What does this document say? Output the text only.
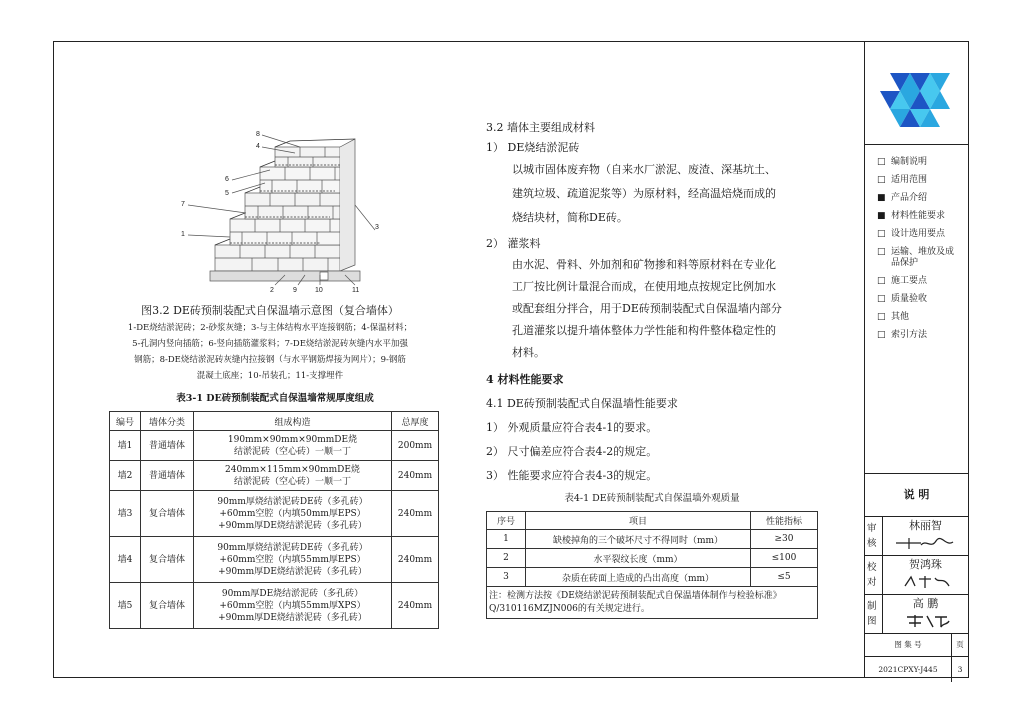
8
4
6
5
7
1
2	9	10	11
3
图3.2 DE砖预制装配式自保温墙示意图（复合墙体）
1-DE烧结淤泥砖；2-砂浆灰缝；3-与主体结构水平连接钢筋；4-保温材料；
5-孔洞内竖向插筋；6-竖向插筋灌浆料；7-DE烧结淤泥砖灰缝内水平加强
钢筋；8-DE烧结淤泥砖灰缝内拉接钢（与水平钢筋焊接为网片）；9-钢筋
混凝土底座；10-吊装孔；11-支撑埋件
表3-1 DE砖预制装配式自保温墙常规厚度组成
编号	墙体分类	组成构造	总厚度
墙1	普通墙体	190mm×90mm×90mmDE烧结淤泥砖（空心砖）一顺一丁	200mm
墙2	普通墙体	240mm×115mm×90mmDE烧结淤泥砖（空心砖）一顺一丁	240mm
墙3	复合墙体	90mm厚烧结淤泥砖DE砖（多孔砖）+60mm空腔（内填50mm厚EPS）+90mm厚DE烧结淤泥砖（多孔砖）	240mm
墙4	复合墙体	90mm厚烧结淤泥砖DE砖（多孔砖）+60mm空腔（内填55mm厚EPS）+90mm厚DE烧结淤泥砖（多孔砖）	240mm
墙5	复合墙体	90mm厚DE烧结淤泥砖（多孔砖）+60mm空腔（内填55mm厚XPS）+90mm厚DE烧结淤泥砖（多孔砖）	240mm
3.2 墙体主要组成材料
1） DE烧结淤泥砖
以城市固体废弃物（自来水厂淤泥、废渣、深基坑土、
建筑垃圾、疏道泥浆等）为原材料，经高温焙烧而成的
烧结块材，简称DE砖。
2） 灌浆料
由水泥、骨料、外加剂和矿物掺和料等原材料在专业化
工厂按比例计量混合而成，在使用地点按规定比例加水
或配套组分拌合，用于DE砖预制装配式自保温墙内部分
孔道灌浆以提升墙体整体力学性能和构件整体稳定性的
材料。
4 材料性能要求
4.1 DE砖预制装配式自保温墙性能要求
1） 外观质量应符合表4-1的要求。
2） 尺寸偏差应符合表4-2的规定。
3） 性能要求应符合表4-3的规定。
表4-1 DE砖预制装配式自保温墙外观质量
序号	项目	性能指标
1	缺棱掉角的三个破坏尺寸不得同时（mm）	≥30
2	水平裂纹长度（mm）	≤100
3	杂质在砖面上造成的凸出高度（mm）	≤5
注：检测方法按《DE烧结淤泥砖预制装配式自保温墙体制作与检验标准》Q/310116MZJN006的有关规定进行。		
□ 编制说明
□ 适用范围
■ 产品介绍
■ 材料性能要求
□ 设计选用要点
□ 运输、堆放及成品保护
□ 施工要点
□ 质量验收
□ 其他
□ 索引方法
说 明
审核
林丽智
校对
贺鸿珠
制图
高 鹏
图 集 号	页
2021CPXY-J445	3
